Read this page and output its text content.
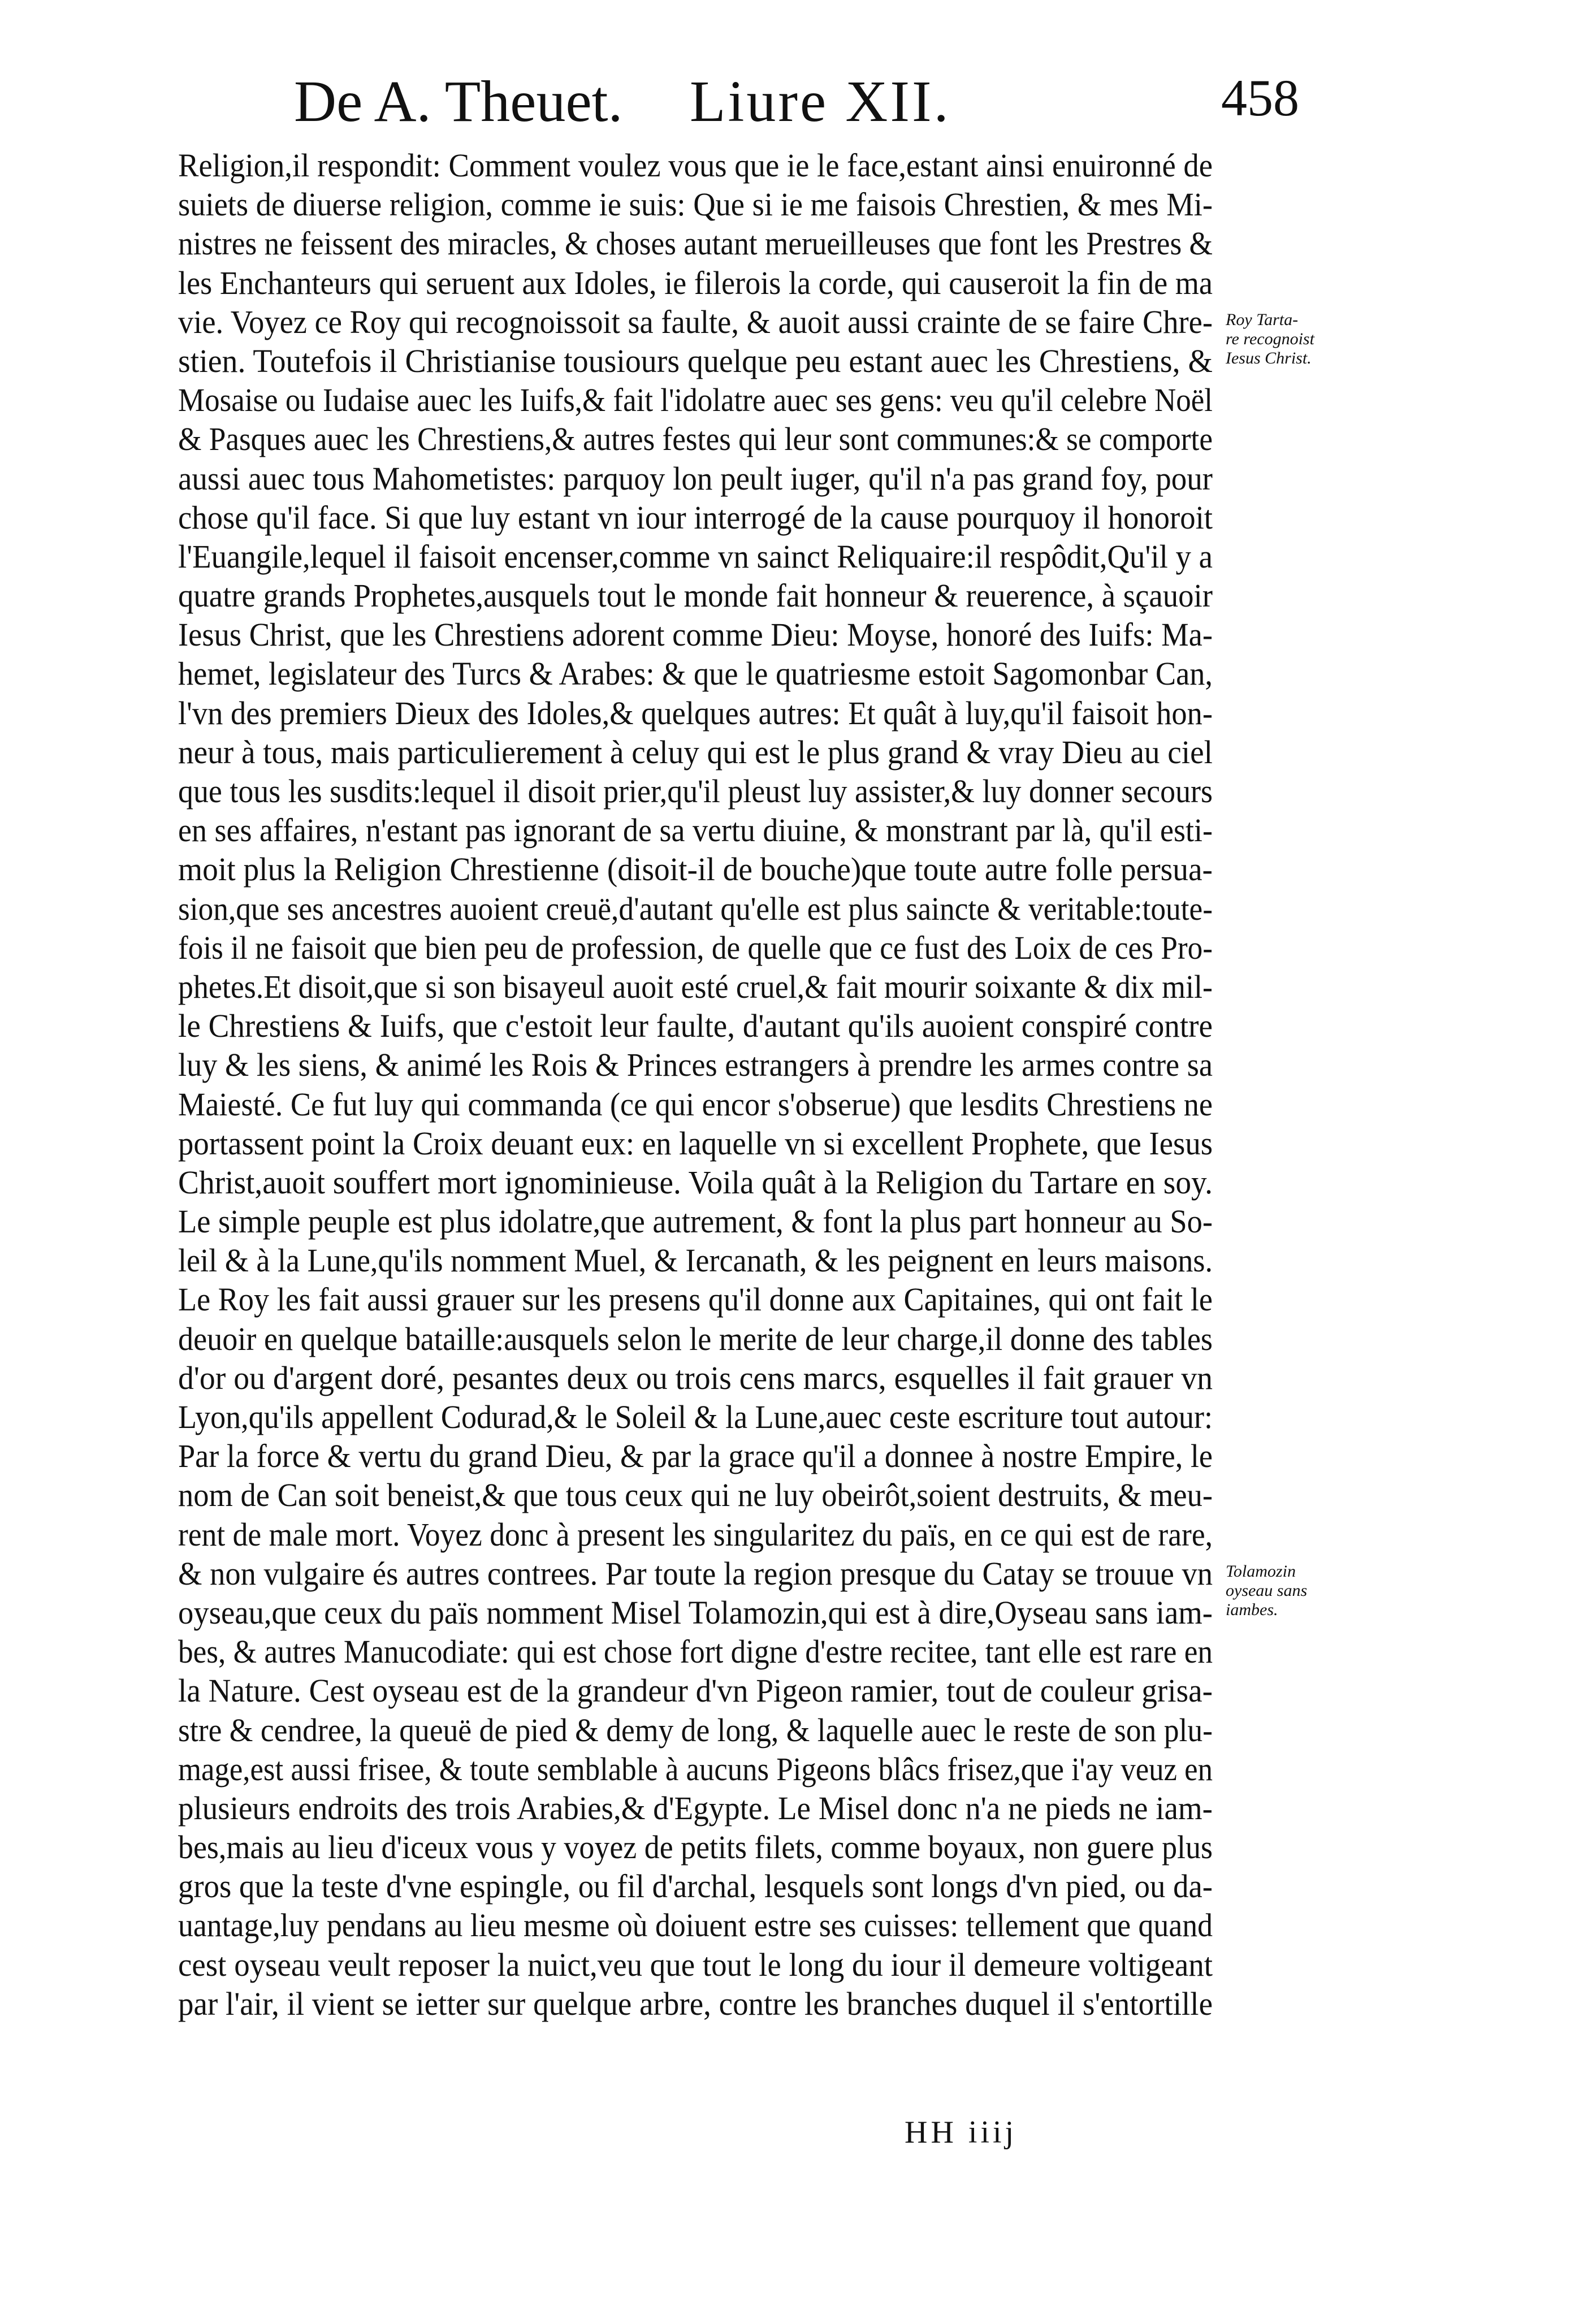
De A. Theuet. Liure XII.	458
Religion,il respondit: Comment voulez vous que ie le face,estant ainsi enuironné de
suiets de diuerse religion, comme ie suis: Que si ie me faisois Chrestien, & mes Mi-
nistres ne feissent des miracles, & choses autant merueilleuses que font les Prestres &
les Enchanteurs qui seruent aux Idoles, ie filerois la corde, qui causeroit la fin de ma
vie. Voyez ce Roy qui recognoissoit sa faulte, & auoit aussi crainte de se faire Chre-
stien. Toutefois il Christianise tousiours quelque peu estant auec les Chrestiens, &
Mosaise ou Iudaise auec les Iuifs,& fait l'idolatre auec ses gens: veu qu'il celebre Noël
& Pasques auec les Chrestiens,& autres festes qui leur sont communes:& se comporte
aussi auec tous Mahometistes: parquoy lon peult iuger, qu'il n'a pas grand foy, pour
chose qu'il face. Si que luy estant vn iour interrogé de la cause pourquoy il honoroit
l'Euangile,lequel il faisoit encenser,comme vn sainct Reliquaire:il respôdit,Qu'il y a
quatre grands Prophetes,ausquels tout le monde fait honneur & reuerence, à sçauoir
Iesus Christ, que les Chrestiens adorent comme Dieu: Moyse, honoré des Iuifs: Ma-
hemet, legislateur des Turcs & Arabes: & que le quatriesme estoit Sagomonbar Can,
l'vn des premiers Dieux des Idoles,& quelques autres: Et quât à luy,qu'il faisoit hon-
neur à tous, mais particulierement à celuy qui est le plus grand & vray Dieu au ciel
que tous les susdits:lequel il disoit prier,qu'il pleust luy assister,& luy donner secours
en ses affaires, n'estant pas ignorant de sa vertu diuine, & monstrant par là, qu'il esti-
moit plus la Religion Chrestienne (disoit-il de bouche)que toute autre folle persua-
sion,que ses ancestres auoient creuë,d'autant qu'elle est plus saincte & veritable:toute-
fois il ne faisoit que bien peu de profession, de quelle que ce fust des Loix de ces Pro-
phetes.Et disoit,que si son bisayeul auoit esté cruel,& fait mourir soixante & dix mil-
le Chrestiens & Iuifs, que c'estoit leur faulte, d'autant qu'ils auoient conspiré contre
luy & les siens, & animé les Rois & Princes estrangers à prendre les armes contre sa
Maiesté. Ce fut luy qui commanda (ce qui encor s'obserue) que lesdits Chrestiens ne
portassent point la Croix deuant eux: en laquelle vn si excellent Prophete, que Iesus
Christ,auoit souffert mort ignominieuse. Voila quât à la Religion du Tartare en soy.
Le simple peuple est plus idolatre,que autrement, & font la plus part honneur au So-
leil & à la Lune,qu'ils nomment Muel, & Iercanath, & les peignent en leurs maisons.
Le Roy les fait aussi grauer sur les presens qu'il donne aux Capitaines, qui ont fait le
deuoir en quelque bataille:ausquels selon le merite de leur charge,il donne des tables
d'or ou d'argent doré, pesantes deux ou trois cens marcs, esquelles il fait grauer vn
Lyon,qu'ils appellent Codurad,& le Soleil & la Lune,auec ceste escriture tout autour:
Par la force & vertu du grand Dieu, & par la grace qu'il a donnee à nostre Empire, le
nom de Can soit beneist,& que tous ceux qui ne luy obeirôt,soient destruits, & meu-
rent de male mort. Voyez donc à present les singularitez du païs, en ce qui est de rare,
& non vulgaire és autres contrees. Par toute la region presque du Catay se trouue vn
oyseau,que ceux du païs nomment Misel Tolamozin,qui est à dire,Oyseau sans iam-
bes, & autres Manucodiate: qui est chose fort digne d'estre recitee, tant elle est rare en
la Nature. Cest oyseau est de la grandeur d'vn Pigeon ramier, tout de couleur grisa-
stre & cendree, la queuë de pied & demy de long, & laquelle auec le reste de son plu-
mage,est aussi frisee, & toute semblable à aucuns Pigeons blâcs frisez,que i'ay veuz en
plusieurs endroits des trois Arabies,& d'Egypte. Le Misel donc n'a ne pieds ne iam-
bes,mais au lieu d'iceux vous y voyez de petits filets, comme boyaux, non guere plus
gros que la teste d'vne espingle, ou fil d'archal, lesquels sont longs d'vn pied, ou da-
uantage,luy pendans au lieu mesme où doiuent estre ses cuisses: tellement que quand
cest oyseau veult reposer la nuict,veu que tout le long du iour il demeure voltigeant
par l'air, il vient se ietter sur quelque arbre, contre les branches duquel il s'entortille
Roy Tarta-
re recognoist
Iesus Christ.
Tolamozin
oyseau sans
iambes.
HH iiij
